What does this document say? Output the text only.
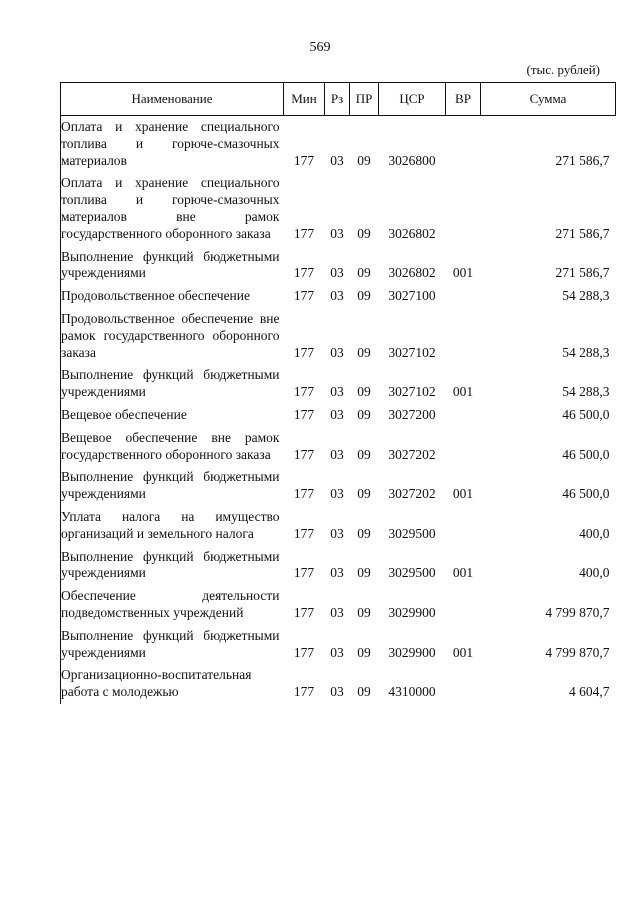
569
(тыс. рублей)
Наименование	Мин	Рз	ПР	ЦСР	ВР	Сумма
Оплата и хранение специального топлива и горюче-смазочных материалов	177	03	09	3026800		271 586,7
Оплата и хранение специального топлива и горюче-смазочных материалов вне рамок государственного оборонного заказа	177	03	09	3026802		271 586,7
Выполнение функций бюджетными учреждениями	177	03	09	3026802	001	271 586,7
Продовольственное обеспечение	177	03	09	3027100		54 288,3
Продовольственное обеспечение вне рамок государственного оборонного заказа	177	03	09	3027102		54 288,3
Выполнение функций бюджетными учреждениями	177	03	09	3027102	001	54 288,3
Вещевое обеспечение	177	03	09	3027200		46 500,0
Вещевое обеспечение вне рамок государственного оборонного заказа	177	03	09	3027202		46 500,0
Выполнение функций бюджетными учреждениями	177	03	09	3027202	001	46 500,0
Уплата налога на имущество организаций и земельного налога	177	03	09	3029500		400,0
Выполнение функций бюджетными учреждениями	177	03	09	3029500	001	400,0
Обеспечение деятельности подведомственных учреждений	177	03	09	3029900		4 799 870,7
Выполнение функций бюджетными учреждениями	177	03	09	3029900	001	4 799 870,7
Организационно-воспитательная работа с молодежью	177	03	09	4310000		4 604,7
